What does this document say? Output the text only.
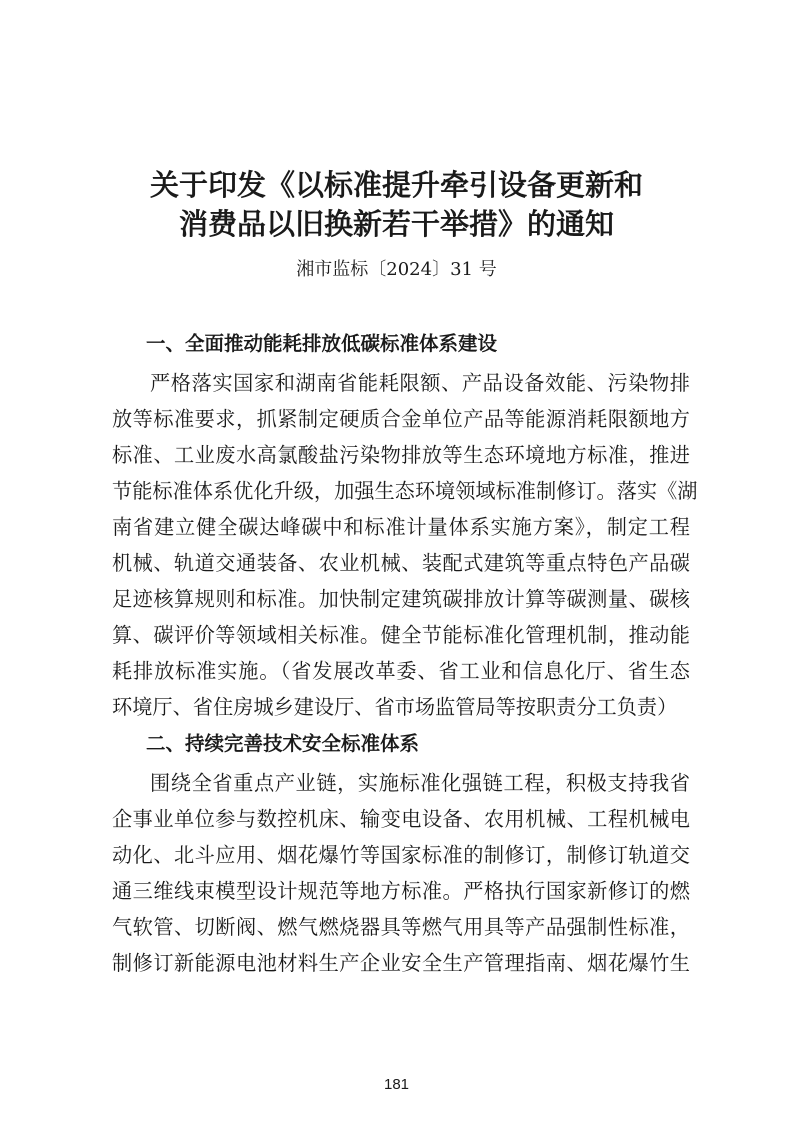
关于印发《以标准提升牵引设备更新和
消费品以旧换新若干举措》的通知
湘市监标〔2024〕31 号
一、全面推动能耗排放低碳标准体系建设
严格落实国家和湖南省能耗限额、产品设备效能、污染物排
放等标准要求，抓紧制定硬质合金单位产品等能源消耗限额地方
标准、工业废水高氯酸盐污染物排放等生态环境地方标准，推进
节能标准体系优化升级，加强生态环境领域标准制修订。落实《湖
南省建立健全碳达峰碳中和标准计量体系实施方案》，制定工程
机械、轨道交通装备、农业机械、装配式建筑等重点特色产品碳
足迹核算规则和标准。加快制定建筑碳排放计算等碳测量、碳核
算、碳评价等领域相关标准。健全节能标准化管理机制，推动能
耗排放标准实施。（省发展改革委、省工业和信息化厅、省生态
环境厅、省住房城乡建设厅、省市场监管局等按职责分工负责）
二、持续完善技术安全标准体系
围绕全省重点产业链，实施标准化强链工程，积极支持我省
企事业单位参与数控机床、输变电设备、农用机械、工程机械电
动化、北斗应用、烟花爆竹等国家标准的制修订，制修订轨道交
通三维线束模型设计规范等地方标准。严格执行国家新修订的燃
气软管、切断阀、燃气燃烧器具等燃气用具等产品强制性标准，
制修订新能源电池材料生产企业安全生产管理指南、烟花爆竹生
181
